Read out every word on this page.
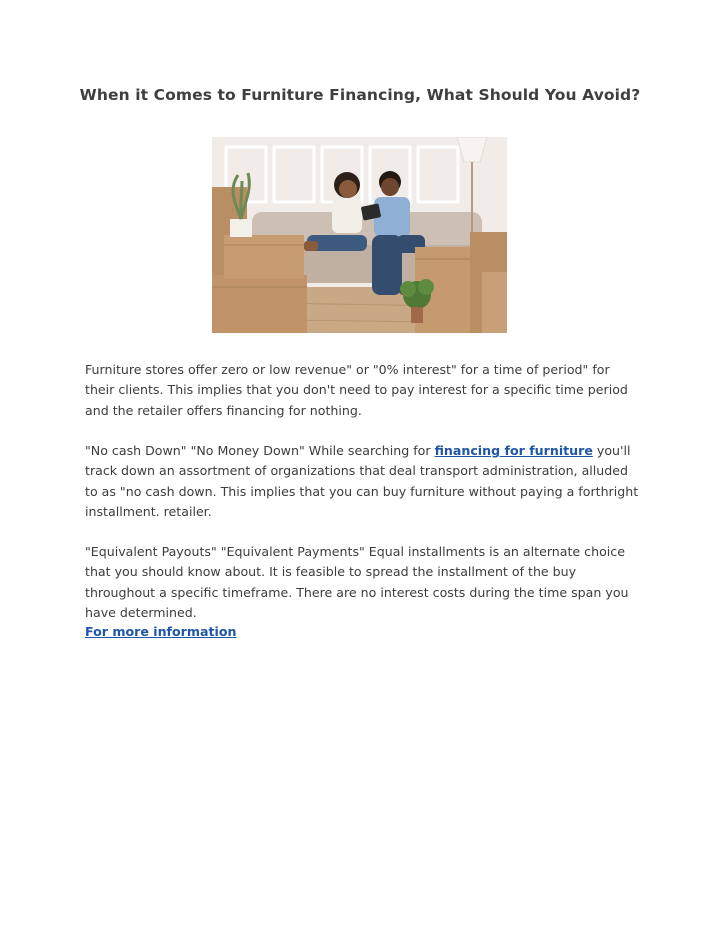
When it Comes to Furniture Financing, What Should You Avoid?

Furniture stores offer zero or low revenue" or "0% interest" for a time of period" for their clients. This implies that you don't need to pay interest for a specific time period and the retailer offers financing for nothing.

"No cash Down" "No Money Down" While searching for financing for furniture you'll track down an assortment of organizations that deal transport administration, alluded to as "no cash down. This implies that you can buy furniture without paying a forthright installment. retailer.

"Equivalent Payouts" "Equivalent Payments" Equal installments is an alternate choice that you should know about. It is feasible to spread the installment of the buy throughout a specific timeframe. There are no interest costs during the time span you have determined.

For more information
